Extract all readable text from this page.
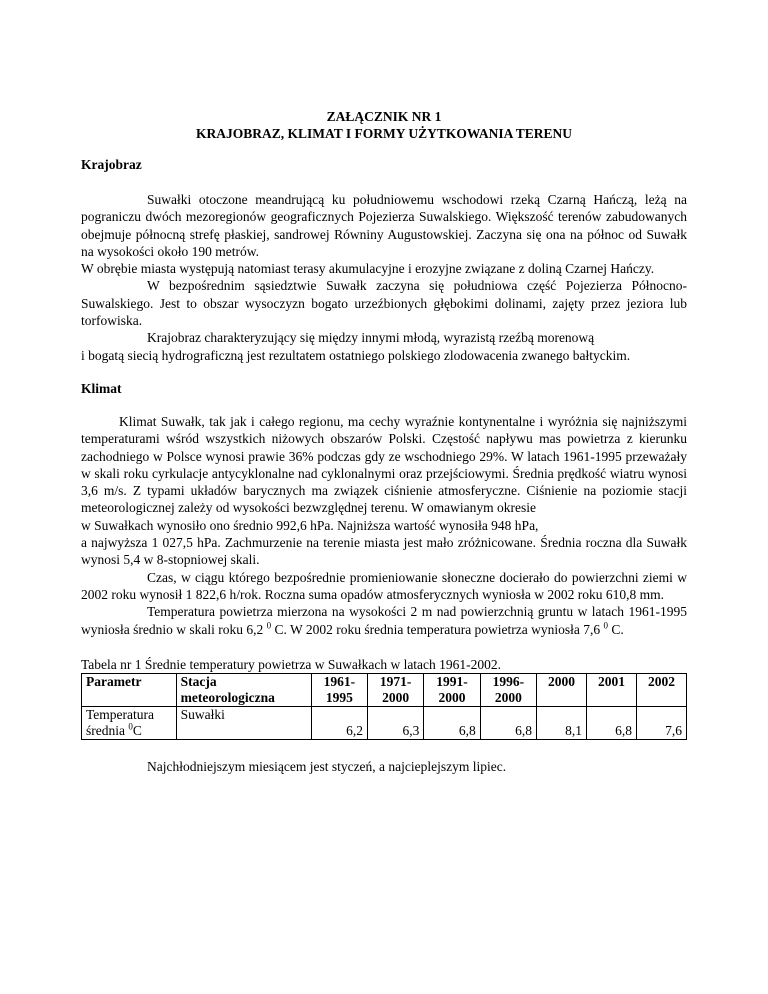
ZAŁĄCZNIK NR 1
KRAJOBRAZ, KLIMAT I FORMY UŻYTKOWANIA TERENU
Krajobraz

Suwałki otoczone meandrującą ku południowemu wschodowi rzeką Czarną Hańczą, leżą na pograniczu dwóch mezoregionów geograficznych Pojezierza Suwalskiego. Większość terenów zabudowanych obejmuje północną strefę płaskiej, sandrowej Równiny Augustowskiej. Zaczyna się ona na północ od Suwałk na wysokości około 190 metrów.

W obrębie miasta występują natomiast terasy akumulacyjne i erozyjne związane z doliną Czarnej Hańczy.

W bezpośrednim sąsiedztwie Suwałk zaczyna się południowa część Pojezierza Północno-Suwalskiego. Jest to obszar wysoczyzn bogato urzeźbionych głębokimi dolinami, zajęty przez jeziora lub torfowiska.

Krajobraz charakteryzujący się między innymi młodą, wyrazistą rzeźbą morenową

i bogatą siecią hydrograficzną jest rezultatem ostatniego polskiego zlodowacenia zwanego bałtyckim.

Klimat

Klimat Suwałk, tak jak i całego regionu, ma cechy wyraźnie kontynentalne i wyróżnia się najniższymi temperaturami wśród wszystkich niżowych obszarów Polski. Częstość napływu mas powietrza z kierunku zachodniego w Polsce wynosi prawie 36% podczas gdy ze wschodniego 29%. W latach 1961-1995 przeważały w skali roku cyrkulacje antycyklonalne nad cyklonalnymi oraz przejściowymi. Średnia prędkość wiatru wynosi 3,6 m/s. Z typami układów barycznych ma związek ciśnienie atmosferyczne. Ciśnienie na poziomie stacji meteorologicznej zależy od wysokości bezwzględnej terenu. W omawianym okresie

w Suwałkach wynosiło ono średnio 992,6 hPa. Najniższa wartość wynosiła 948 hPa,

a najwyższa 1 027,5 hPa. Zachmurzenie na terenie miasta jest mało zróżnicowane. Średnia roczna dla Suwałk wynosi 5,4 w 8-stopniowej skali.

Czas, w ciągu którego bezpośrednie promieniowanie słoneczne docierało do powierzchni ziemi w 2002 roku wynosił 1 822,6 h/rok. Roczna suma opadów atmosferycznych wyniosła w 2002 roku 610,8 mm.

Temperatura powietrza mierzona na wysokości 2 m nad powierzchnią gruntu w latach 1961-1995 wyniosła średnio w skali roku 6,2 $^0$ C. W 2002 roku średnia temperatura powietrza wyniosła 7,6 $^0$ C.

Tabela nr 1 Średnie temperatury powietrza w Suwałkach w latach 1961-2002.
Parametr	Stacja meteorologiczna	1961-1995	1971-2000	1991-2000	1996-2000	2000	2001	2002
Temperatura
średnia $^0$C	Suwałki	6,2	6,3	6,8	6,8	8,1	6,8	7,6

Najchłodniejszym miesiącem jest styczeń, a najcieplejszym lipiec.
